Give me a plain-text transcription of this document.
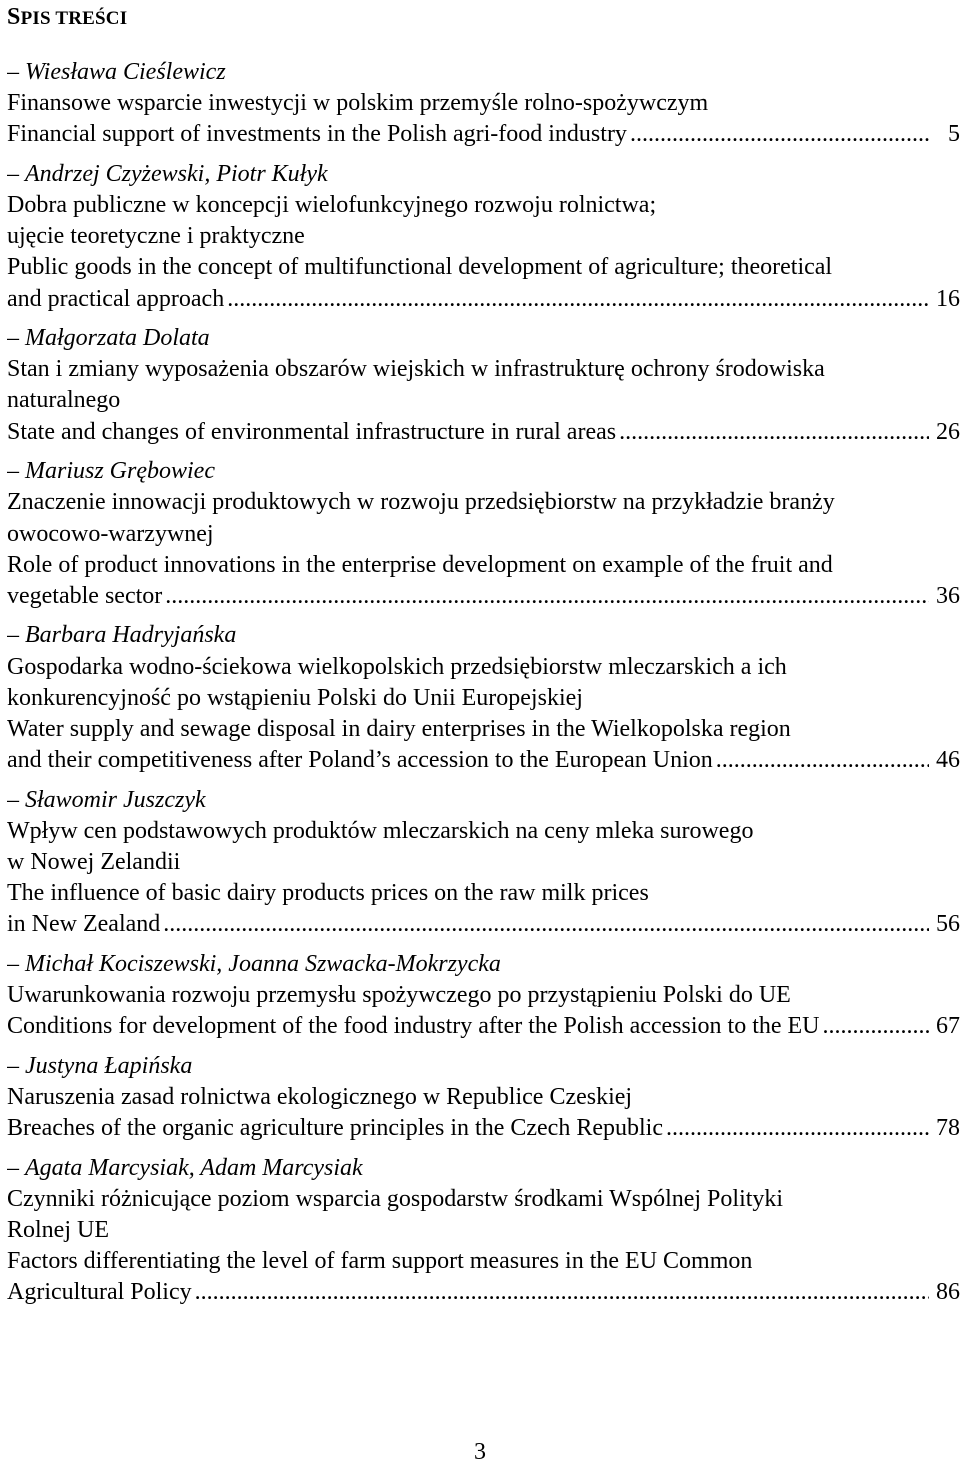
SPIS TREŚCI
– Wiesława Cieślewicz
Finansowe wsparcie inwestycji w polskim przemyśle rolno-spożywczym
Financial support of investments in the Polish agri-food industry .....	5
– Andrzej Czyżewski, Piotr Kułyk
Dobra publiczne w koncepcji wielofunkcyjnego rozwoju rolnictwa;
ujęcie teoretyczne i praktyczne
Public goods in the concept of multifunctional development of agriculture; theoretical
and practical approach .....	16
– Małgorzata Dolata
Stan i zmiany wyposażenia obszarów wiejskich w infrastrukturę ochrony środowiska
naturalnego
State and changes of environmental infrastructure in rural areas .....	26
– Mariusz Grębowiec
Znaczenie innowacji produktowych w rozwoju przedsiębiorstw na przykładzie branży
owocowo-warzywnej
Role of product innovations in the enterprise development on example of the fruit and
vegetable sector .....	36
– Barbara Hadryjańska
Gospodarka wodno-ściekowa wielkopolskich przedsiębiorstw mleczarskich a ich
konkurencyjność po wstąpieniu Polski do Unii Europejskiej
Water supply and sewage disposal in dairy enterprises in the Wielkopolska region
and their competitiveness after Poland’s accession to the European Union .....	46
– Sławomir Juszczyk
Wpływ cen podstawowych produktów mleczarskich na ceny mleka surowego
w Nowej Zelandii
The influence of basic dairy products prices on the raw milk prices
in New Zealand .....	56
– Michał Kociszewski, Joanna Szwacka-Mokrzycka
Uwarunkowania rozwoju przemysłu spożywczego po przystąpieniu Polski do UE
Conditions for development of the food industry after the Polish accession to the EU .....	67
– Justyna Łapińska
Naruszenia zasad rolnictwa ekologicznego w Republice Czeskiej
Breaches of the organic agriculture principles in the Czech Republic .....	78
– Agata Marcysiak, Adam Marcysiak
Czynniki różnicujące poziom wsparcia gospodarstw środkami Wspólnej Polityki
Rolnej UE
Factors differentiating the level of farm support measures in the EU Common
Agricultural Policy .....	86
3
